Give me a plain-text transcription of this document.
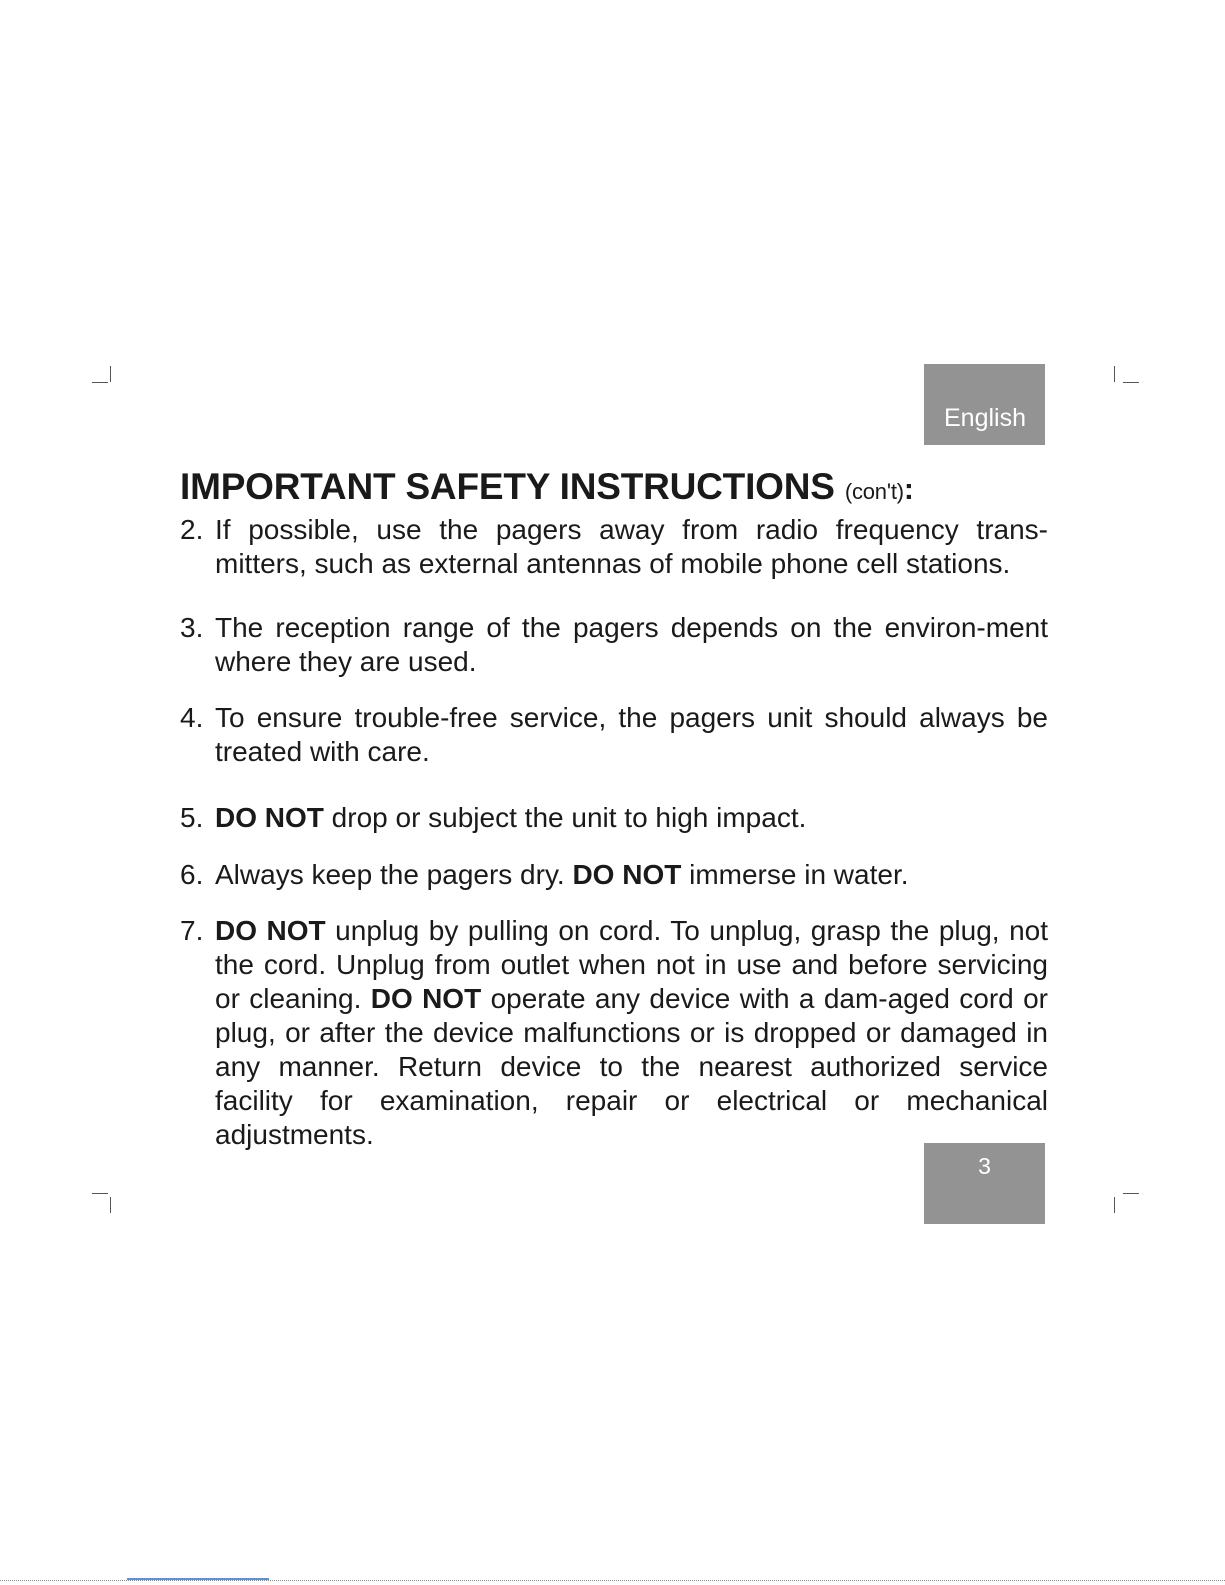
English
IMPORTANT SAFETY INSTRUCTIONS (con't):
2. If possible, use the pagers away from radio frequency trans-mitters, such as external antennas of mobile phone cell stations.
3. The reception range of the pagers depends on the environ-ment where they are used.
4. To ensure trouble-free service, the pagers unit should always be treated with care.
5. DO NOT drop or subject the unit to high impact.
6. Always keep the pagers dry. DO NOT immerse in water.
7. DO NOT unplug by pulling on cord. To unplug, grasp the plug, not the cord. Unplug from outlet when not in use and before servicing or cleaning. DO NOT operate any device with a dam-aged cord or plug, or after the device malfunctions or is dropped or damaged in any manner. Return device to the nearest authorized service facility for examination, repair or electrical or mechanical adjustments.
3
